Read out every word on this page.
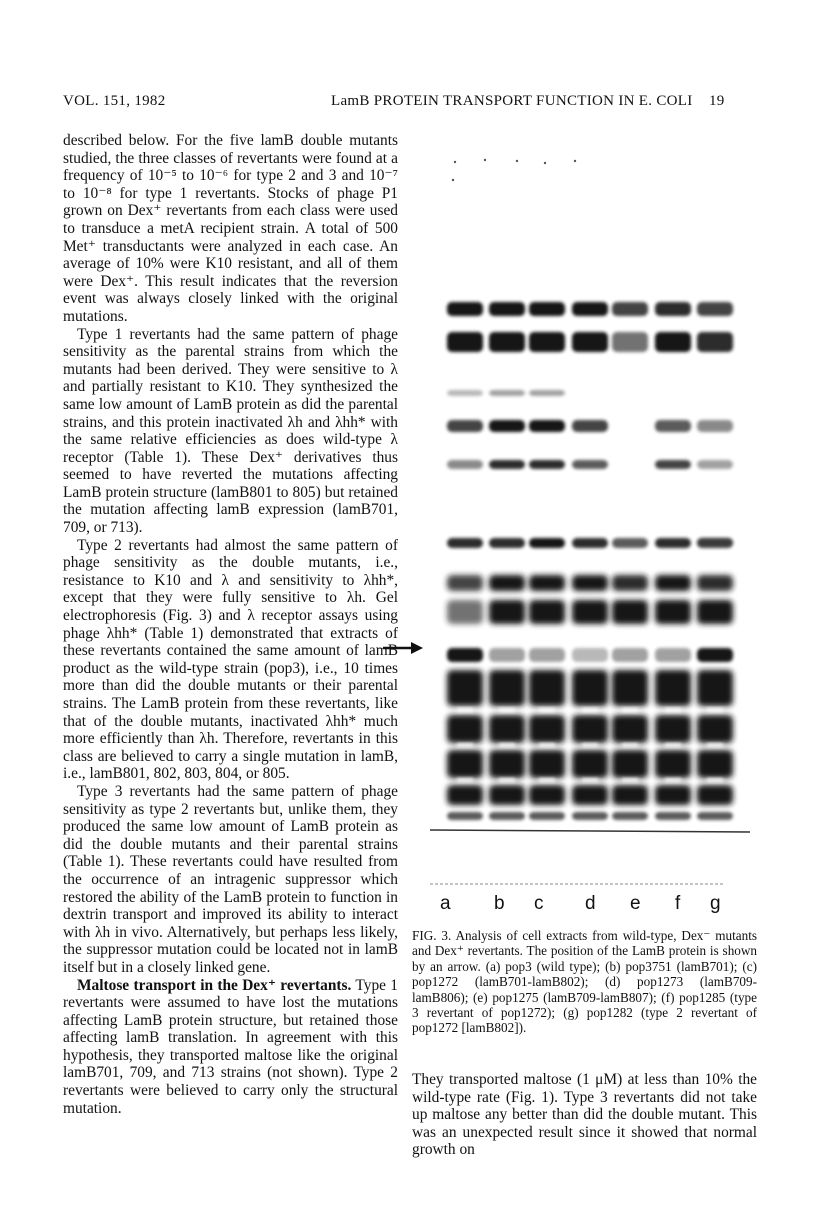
VOL. 151, 1982	LamB PROTEIN TRANSPORT FUNCTION IN E. COLI 19

described below. For the five lamB double mutants studied, the three classes of revertants were found at a frequency of 10⁻⁵ to 10⁻⁶ for type 2 and 3 and 10⁻⁷ to 10⁻⁸ for type 1 revertants. Stocks of phage P1 grown on Dex⁺ revertants from each class were used to transduce a metA recipient strain. A total of 500 Met⁺ transductants were analyzed in each case. An average of 10% were K10 resistant, and all of them were Dex⁺. This result indicates that the reversion event was always closely linked with the original mutations.

Type 1 revertants had the same pattern of phage sensitivity as the parental strains from which the mutants had been derived. They were sensitive to λ and partially resistant to K10. They synthesized the same low amount of LamB protein as did the parental strains, and this protein inactivated λh and λhh* with the same relative efficiencies as does wild-type λ receptor (Table 1). These Dex⁺ derivatives thus seemed to have reverted the mutations affecting LamB protein structure (lamB801 to 805) but retained the mutation affecting lamB expression (lamB701, 709, or 713).

Type 2 revertants had almost the same pattern of phage sensitivity as the double mutants, i.e., resistance to K10 and λ and sensitivity to λhh*, except that they were fully sensitive to λh. Gel electrophoresis (Fig. 3) and λ receptor assays using phage λhh* (Table 1) demonstrated that extracts of these revertants contained the same amount of lamB product as the wild-type strain (pop3), i.e., 10 times more than did the double mutants or their parental strains. The LamB protein from these revertants, like that of the double mutants, inactivated λhh* much more efficiently than λh. Therefore, revertants in this class are believed to carry a single mutation in lamB, i.e., lamB801, 802, 803, 804, or 805.

Type 3 revertants had the same pattern of phage sensitivity as type 2 revertants but, unlike them, they produced the same low amount of LamB protein as did the double mutants and their parental strains (Table 1). These revertants could have resulted from the occurrence of an intragenic suppressor which restored the ability of the LamB protein to function in dextrin transport and improved its ability to interact with λh in vivo. Alternatively, but perhaps less likely, the suppressor mutation could be located not in lamB itself but in a closely linked gene.

Maltose transport in the Dex⁺ revertants. Type 1 revertants were assumed to have lost the mutations affecting LamB protein structure, but retained those affecting lamB translation. In agreement with this hypothesis, they transported maltose like the original lamB701, 709, and 713 strains (not shown). Type 2 revertants were believed to carry only the structural mutation.

a b c d e f g

FIG. 3. Analysis of cell extracts from wild-type, Dex⁻ mutants and Dex⁺ revertants. The position of the LamB protein is shown by an arrow. (a) pop3 (wild type); (b) pop3751 (lamB701); (c) pop1272 (lamB701-lamB802); (d) pop1273 (lamB709-lamB806); (e) pop1275 (lamB709-lamB807); (f) pop1285 (type 3 revertant of pop1272); (g) pop1282 (type 2 revertant of pop1272 [lamB802]).

They transported maltose (1 μM) at less than 10% the wild-type rate (Fig. 1). Type 3 revertants did not take up maltose any better than did the double mutant. This was an unexpected result since it showed that normal growth on
